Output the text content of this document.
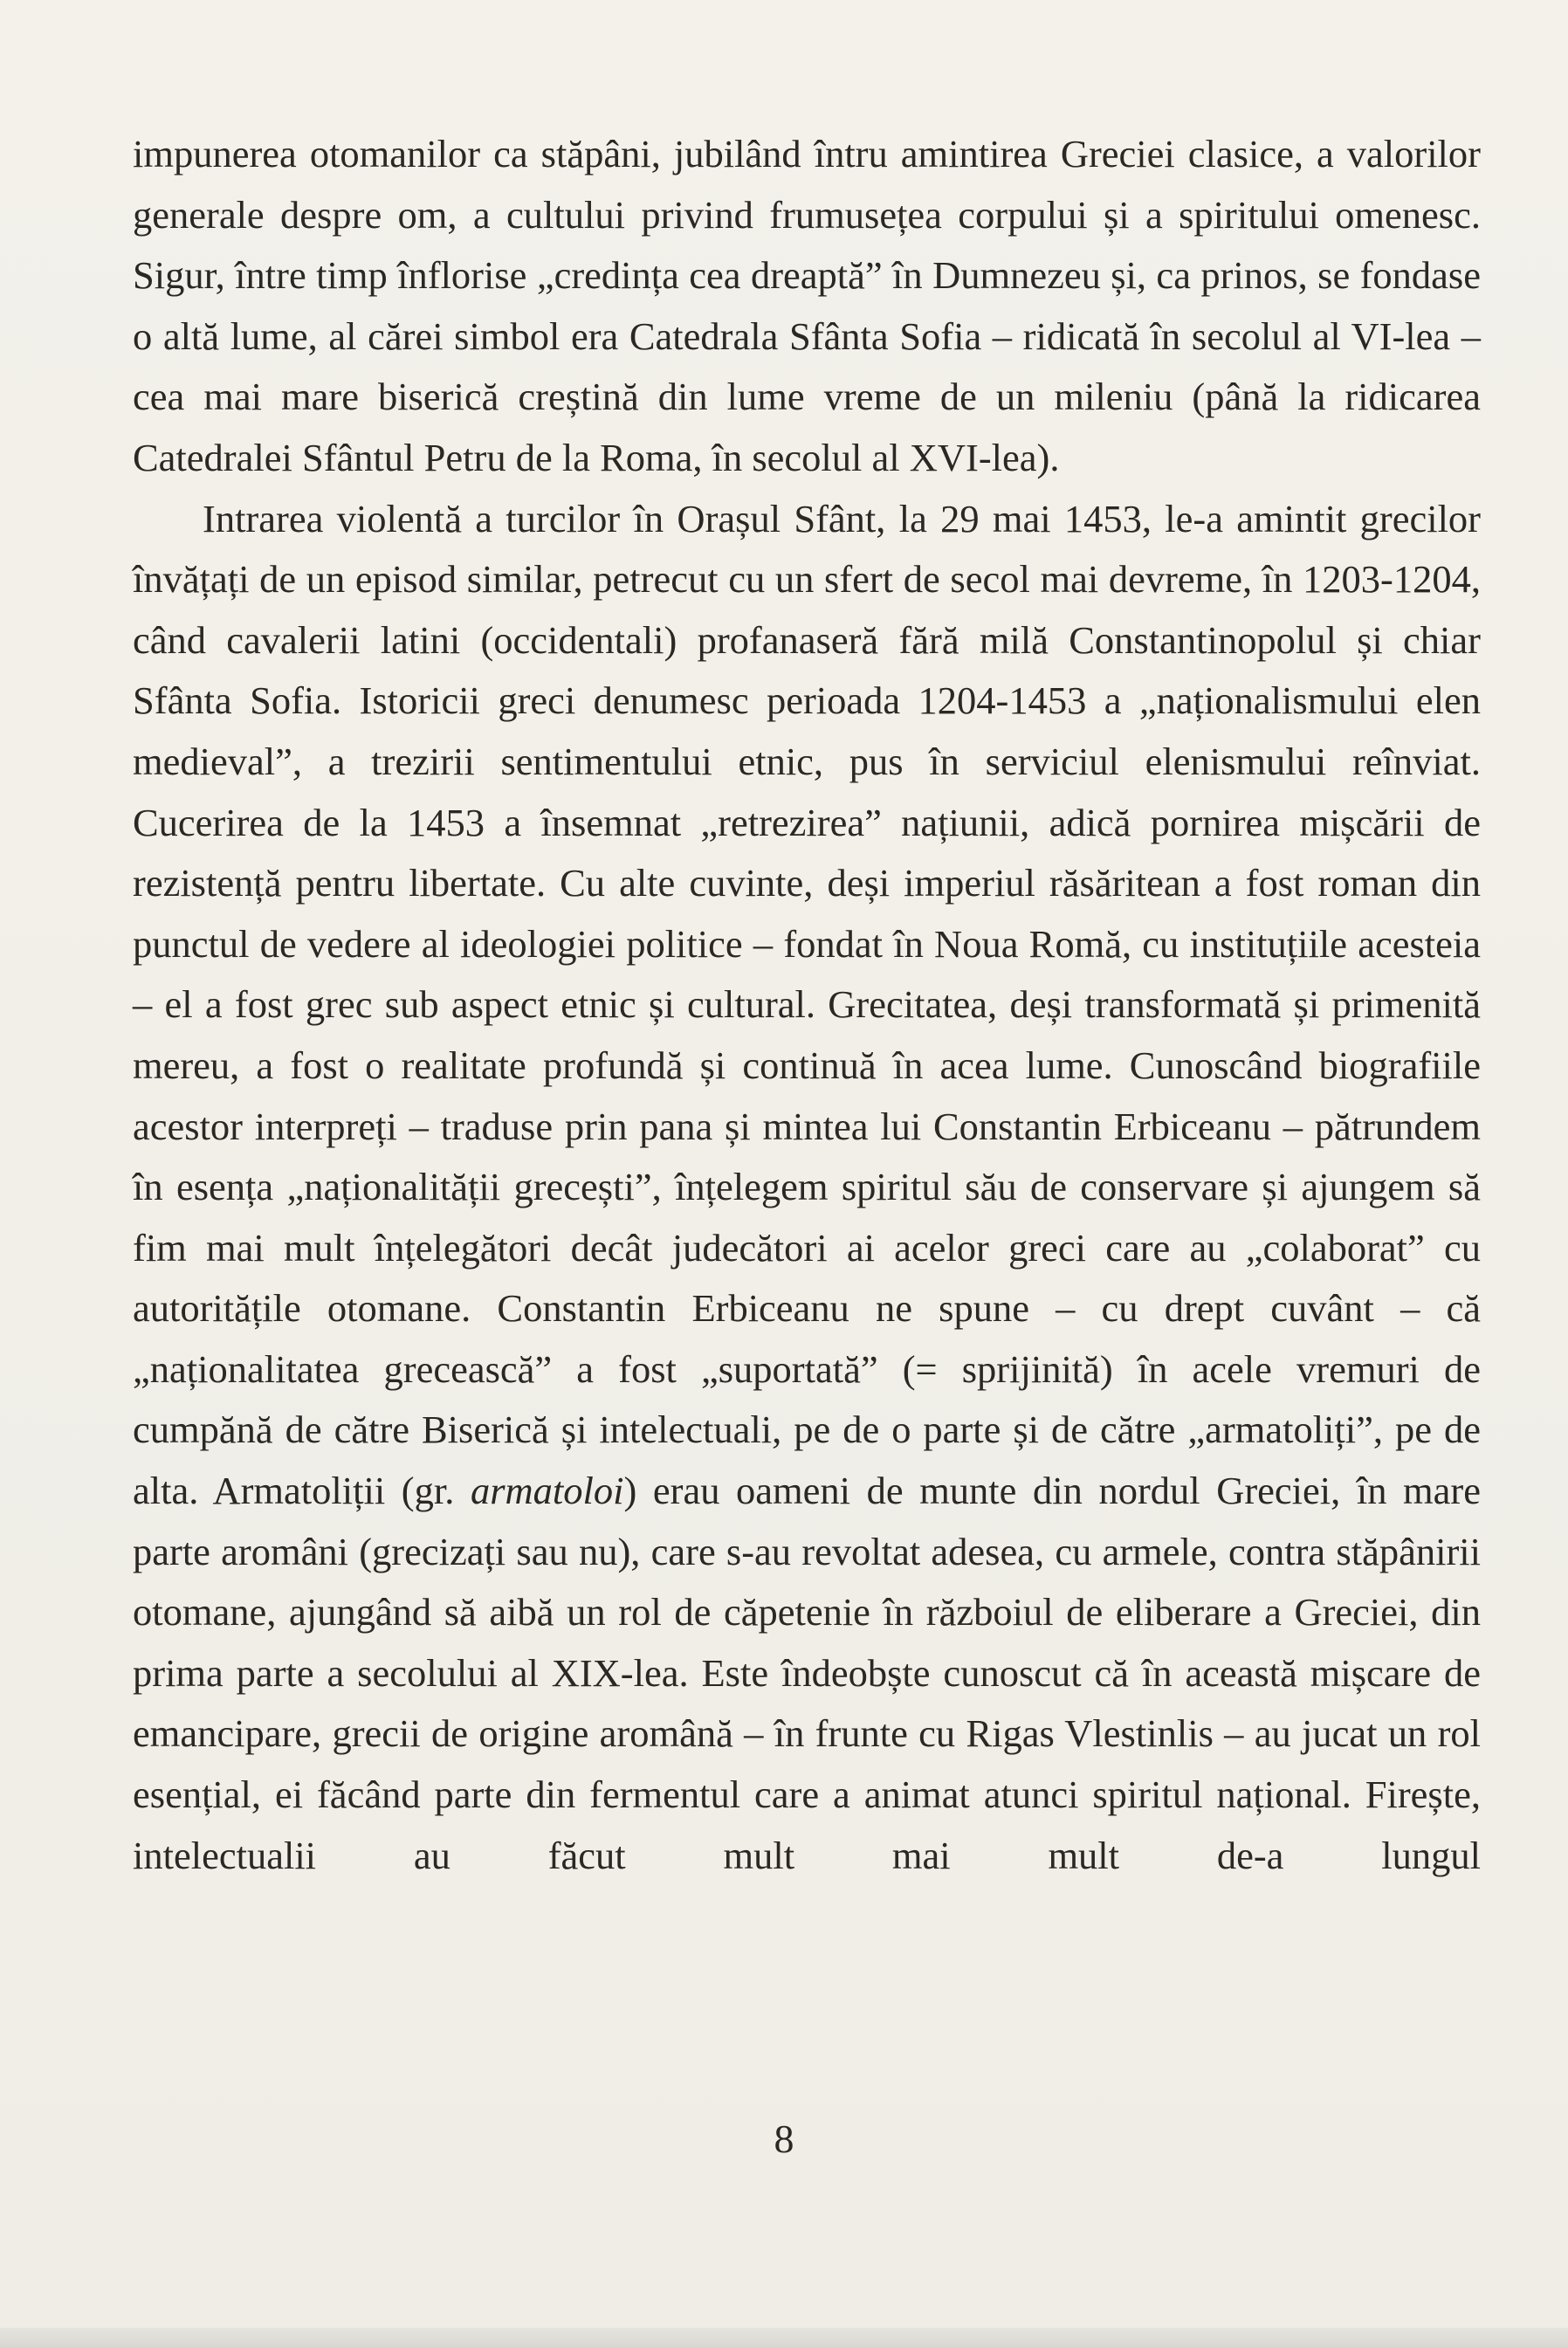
impunerea otomanilor ca stăpâni, jubilând întru amintirea Greciei clasice, a valorilor generale despre om, a cultului privind frumusețea corpului și a spiritului omenesc. Sigur, între timp înflorise „credința cea dreaptă” în Dumnezeu și, ca prinos, se fondase o altă lume, al cărei simbol era Catedrala Sfânta Sofia – ridicată în secolul al VI-lea – cea mai mare biserică creștină din lume vreme de un mileniu (până la ridicarea Catedralei Sfântul Petru de la Roma, în secolul al XVI-lea).

Intrarea violentă a turcilor în Orașul Sfânt, la 29 mai 1453, le-a amintit grecilor învățați de un episod similar, petrecut cu un sfert de secol mai devreme, în 1203-1204, când cavalerii latini (occidentali) profanaseră fără milă Constantinopolul și chiar Sfânta Sofia. Istoricii greci denumesc perioada 1204-1453 a „naționalismului elen medieval”, a trezirii sentimentului etnic, pus în serviciul elenismului reînviat. Cucerirea de la 1453 a însemnat „retrezirea” națiunii, adică pornirea mișcării de rezistență pentru libertate. Cu alte cuvinte, deși imperiul răsăritean a fost roman din punctul de vedere al ideologiei politice – fondat în Noua Romă, cu instituțiile acesteia – el a fost grec sub aspect etnic și cultural. Grecitatea, deși transformată și primenită mereu, a fost o realitate profundă și continuă în acea lume. Cunoscând biografiile acestor interpreți – traduse prin pana și mintea lui Constantin Erbiceanu – pătrundem în esența „naționalității grecești”, înțelegem spiritul său de conservare și ajungem să fim mai mult înțelegători decât judecători ai acelor greci care au „colaborat” cu autoritățile otomane. Constantin Erbiceanu ne spune – cu drept cuvânt – că „naționalitatea grecească” a fost „suportată” (= sprijinită) în acele vremuri de cumpănă de către Biserică și intelectuali, pe de o parte și de către „armatoliți”, pe de alta. Armatoliții (gr. armatoloi) erau oameni de munte din nordul Greciei, în mare parte aromâni (grecizați sau nu), care s-au revoltat adesea, cu armele, contra stăpânirii otomane, ajungând să aibă un rol de căpetenie în războiul de eliberare a Greciei, din prima parte a secolului al XIX-lea. Este îndeobște cunoscut că în această mișcare de emancipare, grecii de origine aromână – în frunte cu Rigas Vlestinlis – au jucat un rol esențial, ei făcând parte din fermentul care a animat atunci spiritul național. Firește, intelectualii au făcut mult mai mult de-a lungul

8
